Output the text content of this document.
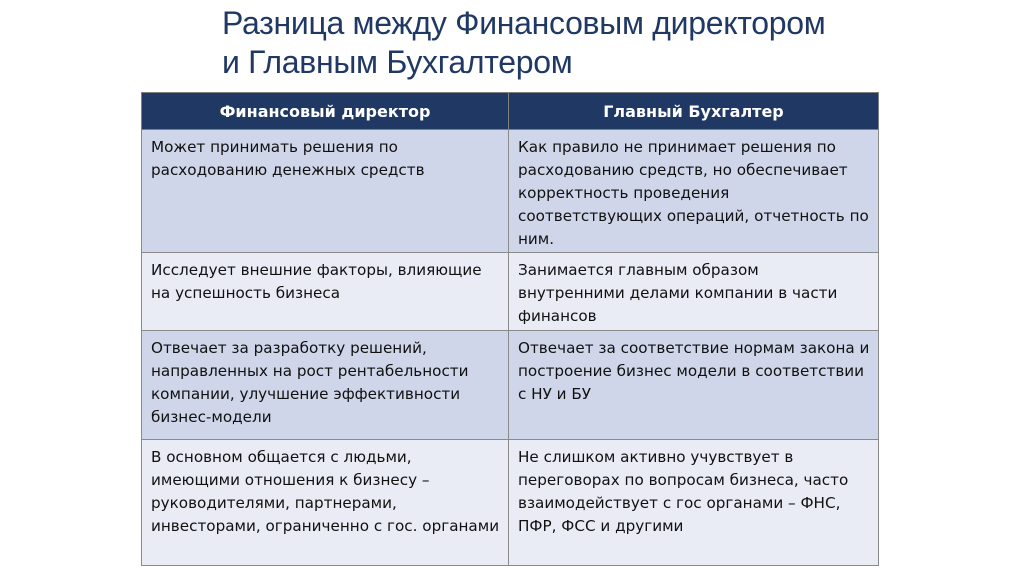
Разница между Финансовым директором
и Главным Бухгалтером
Финансовый директор	Главный Бухгалтер
Может принимать решения по расходованию денежных средств	Как правило не принимает решения по расходованию средств, но обеспечивает корректность проведения соответствующих операций, отчетность по ним.
Исследует внешние факторы, влияющие на успешность бизнеса	Занимается главным образом внутренними делами компании в части финансов
Отвечает за разработку решений, направленных на рост рентабельности компании, улучшение эффективности бизнес-модели	Отвечает за соответствие нормам закона и построение бизнес модели в соответствии с НУ и БУ
В основном общается с людьми, имеющими отношения к бизнесу – руководителями, партнерами, инвесторами, ограниченно с гос. органами	Не слишком активно учувствует в переговорах по вопросам бизнеса, часто взаимодействует с гос органами – ФНС, ПФР, ФСС и другими
